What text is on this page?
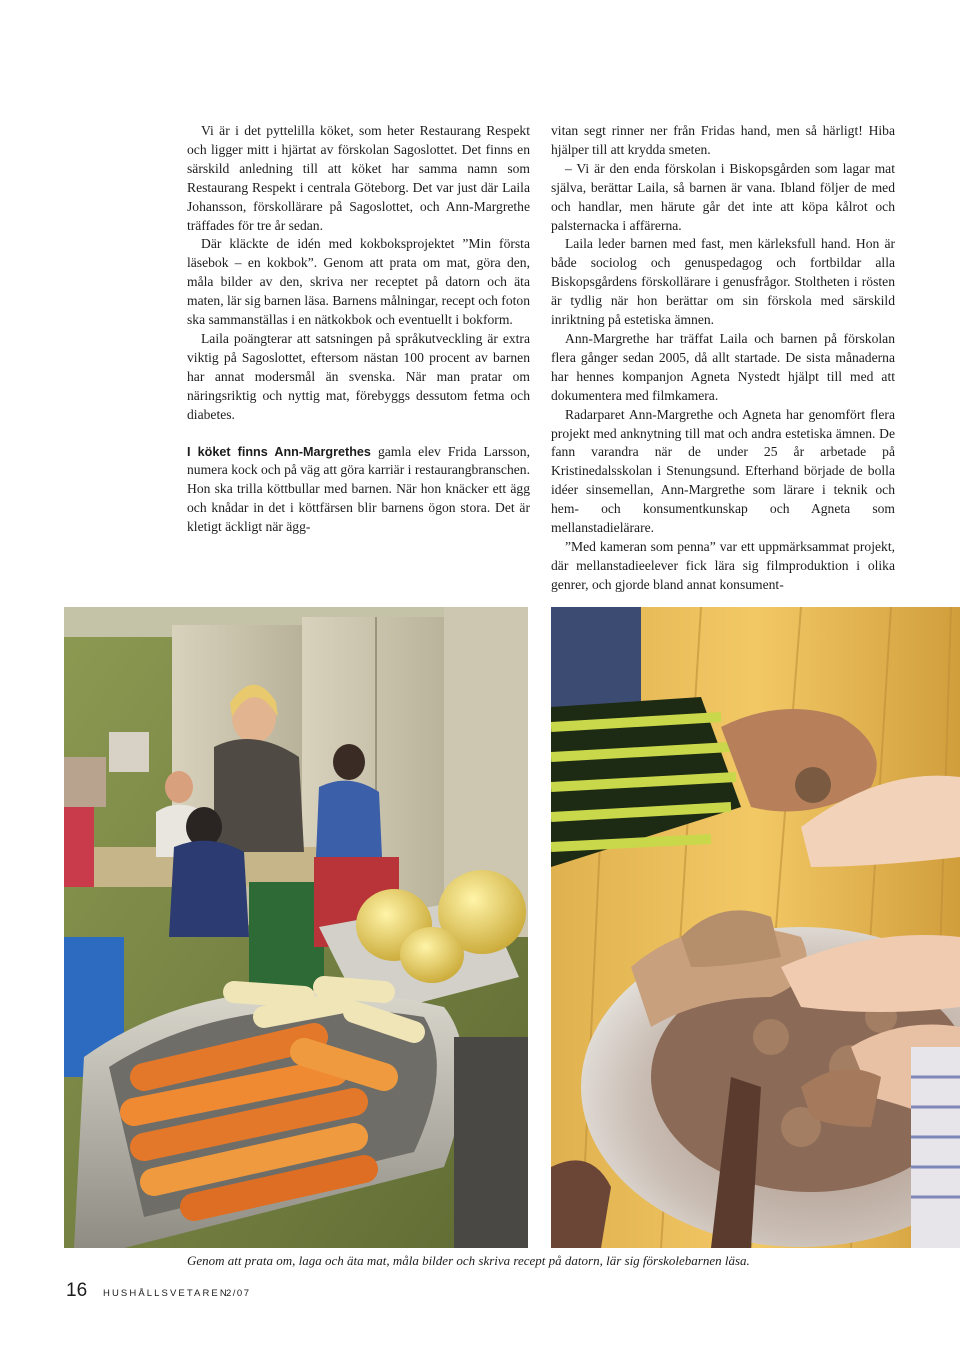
Vi är i det pyttelilla köket, som heter Restaurang Respekt och ligger mitt i hjärtat av förskolan Sagoslottet. Det finns en särskild anledning till att köket har samma namn som Restaurang Respekt i centrala Göteborg. Det var just där Laila Johansson, förskollärare på Sagoslottet, och Ann-Margrethe träffades för tre år sedan.

Där kläckte de idén med kokboksprojektet ”Min första läsebok – en kokbok”. Genom att prata om mat, göra den, måla bilder av den, skriva ner receptet på datorn och äta maten, lär sig barnen läsa. Barnens målningar, recept och foton ska sammanställas i en nätkokbok och eventuellt i bokform.

Laila poängterar att satsningen på språkutveckling är extra viktig på Sagoslottet, eftersom nästan 100 procent av barnen har annat modersmål än svenska. När man pratar om näringsriktig och nyttig mat, förebyggs dessutom fetma och diabetes.

I köket finns Ann-Margrethes gamla elev Frida Larsson, numera kock och på väg att göra karriär i restaurangbranschen. Hon ska trilla köttbullar med barnen. När hon knäcker ett ägg och knådar in det i köttfärsen blir barnens ögon stora. Det är kletigt äckligt när ägg-

vitan segt rinner ner från Fridas hand, men så härligt! Hiba hjälper till att krydda smeten.

– Vi är den enda förskolan i Biskopsgården som lagar mat själva, berättar Laila, så barnen är vana. Ibland följer de med och handlar, men härute går det inte att köpa kålrot och palsternacka i affärerna.

Laila leder barnen med fast, men kärleksfull hand. Hon är både sociolog och genuspedagog och fortbildar alla Biskopsgårdens förskollärare i genusfrågor. Stoltheten i rösten är tydlig när hon berättar om sin förskola med särskild inriktning på estetiska ämnen.

Ann-Margrethe har träffat Laila och barnen på förskolan flera gånger sedan 2005, då allt startade. De sista månaderna har hennes kompanjon Agneta Nystedt hjälpt till med att dokumentera med filmkamera.

Radarparet Ann-Margrethe och Agneta har genomfört flera projekt med anknytning till mat och andra estetiska ämnen. De fann varandra när de under 25 år arbetade på Kristinedalsskolan i Stenungsund. Efterhand började de bolla idéer sinsemellan, Ann-Margrethe som lärare i teknik och hem- och konsumentkunskap och Agneta som mellanstadielärare.

”Med kameran som penna” var ett uppmärksammat projekt, där mellanstadieelever fick lära sig filmproduktion i olika genrer, och gjorde bland annat konsument-

Genom att prata om, laga och äta mat, måla bilder och skriva recept på datorn, lär sig förskolebarnen läsa.
16 HUSHÅLLSVETAREN
2/07
